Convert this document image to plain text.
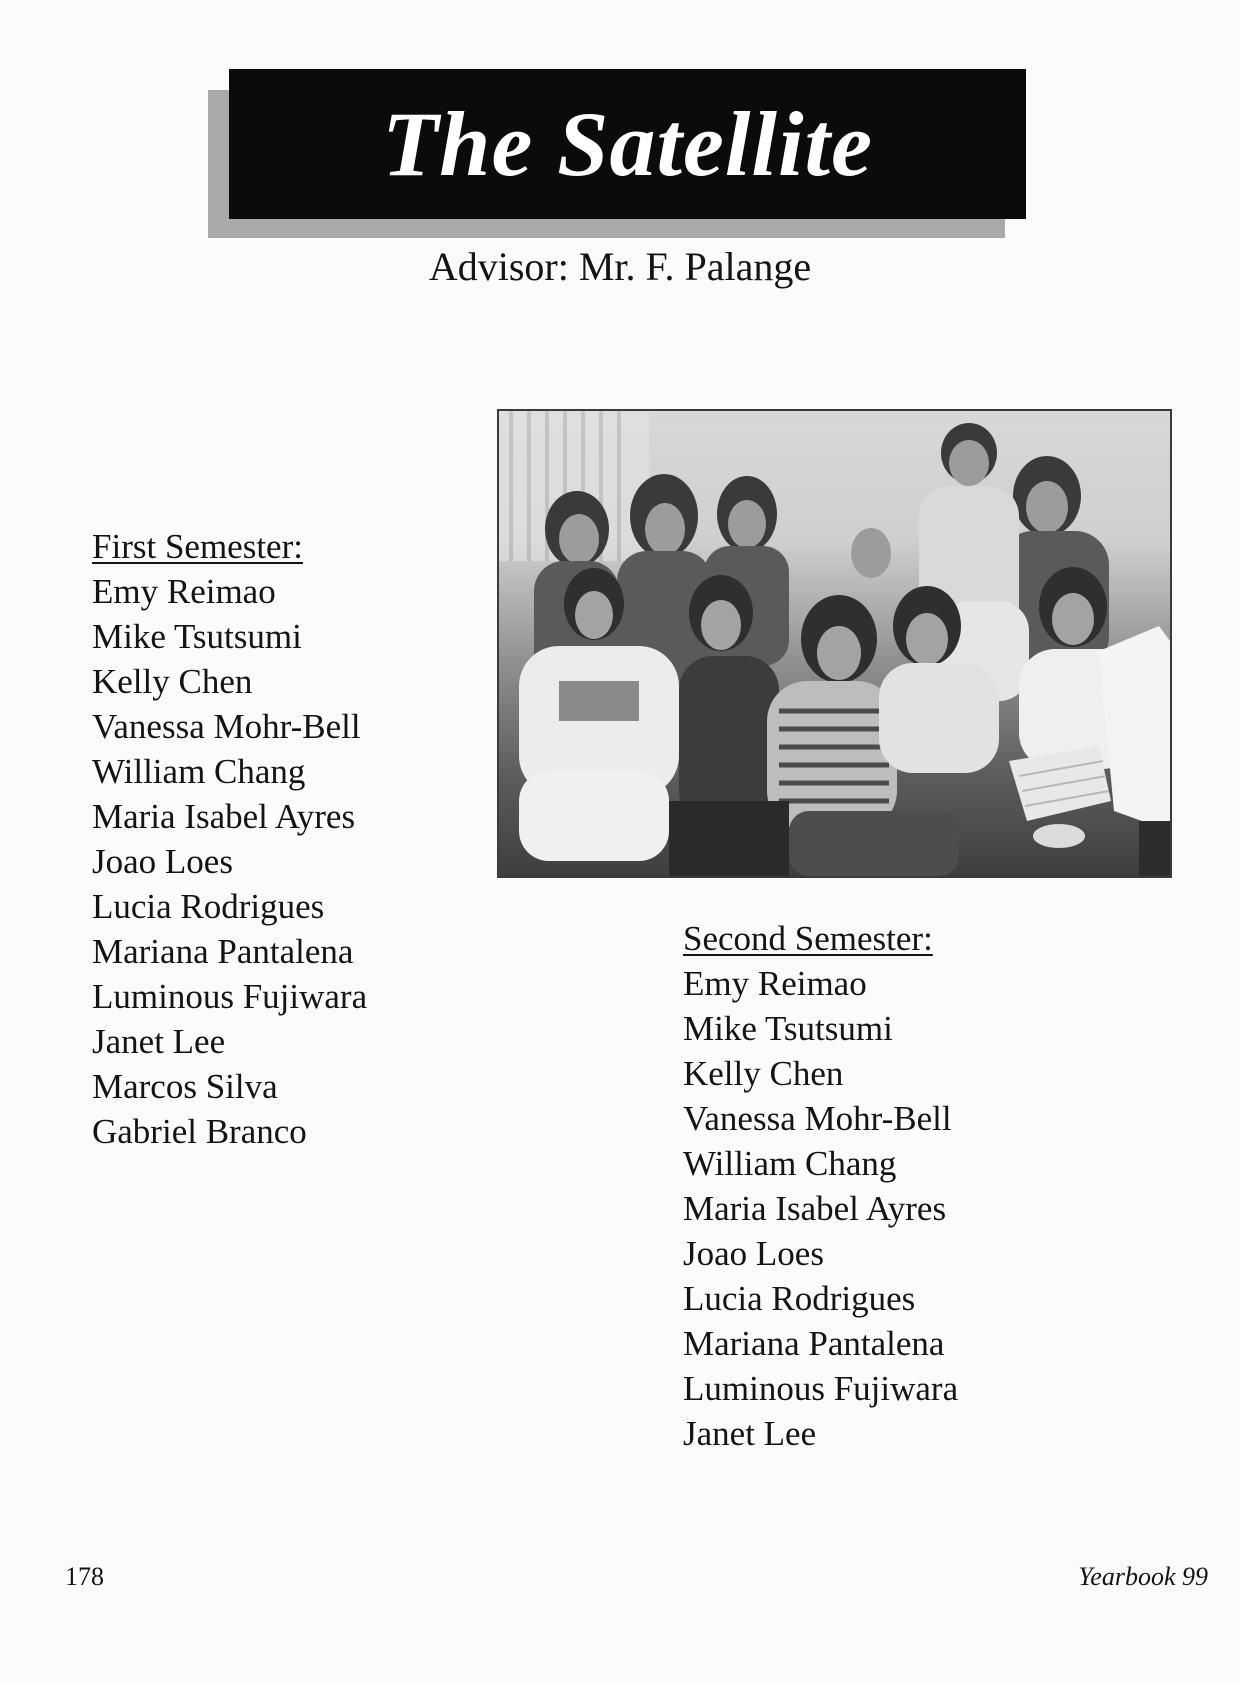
The Satellite
Advisor: Mr. F. Palange
First Semester:
Emy Reimao
Mike Tsutsumi
Kelly Chen
Vanessa Mohr-Bell
William Chang
Maria Isabel Ayres
Joao Loes
Lucia Rodrigues
Mariana Pantalena
Luminous Fujiwara
Janet Lee
Marcos Silva
Gabriel Branco
Second Semester:
Emy Reimao
Mike Tsutsumi
Kelly Chen
Vanessa Mohr-Bell
William Chang
Maria Isabel Ayres
Joao Loes
Lucia Rodrigues
Mariana Pantalena
Luminous Fujiwara
Janet Lee
178	Yearbook 99
